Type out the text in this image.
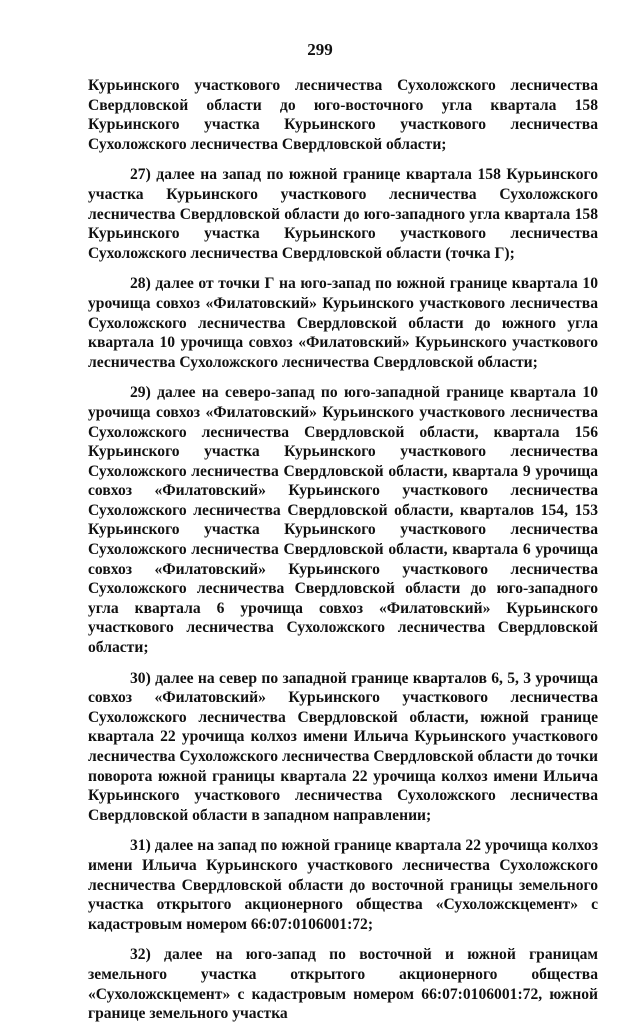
299

Курьинского участкового лесничества Сухоложского лесничества Свердловской области до юго-восточного угла квартала 158 Курьинского участка Курьинского участкового лесничества Сухоложского лесничества Свердловской области;

27) далее на запад по южной границе квартала 158 Курьинского участка Курьинского участкового лесничества Сухоложского лесничества Свердловской области до юго-западного угла квартала 158 Курьинского участка Курьинского участкового лесничества Сухоложского лесничества Свердловской области (точка Г);

28) далее от точки Г на юго-запад по южной границе квартала 10 урочища совхоз «Филатовский» Курьинского участкового лесничества Сухоложского лесничества Свердловской области до южного угла квартала 10 урочища совхоз «Филатовский» Курьинского участкового лесничества Сухоложского лесничества Свердловской области;

29) далее на северо-запад по юго-западной границе квартала 10 урочища совхоз «Филатовский» Курьинского участкового лесничества Сухоложского лесничества Свердловской области, квартала 156 Курьинского участка Курьинского участкового лесничества Сухоложского лесничества Свердловской области, квартала 9 урочища совхоз «Филатовский» Курьинского участкового лесничества Сухоложского лесничества Свердловской области, кварталов 154, 153 Курьинского участка Курьинского участкового лесничества Сухоложского лесничества Свердловской области, квартала 6 урочища совхоз «Филатовский» Курьинского участкового лесничества Сухоложского лесничества Свердловской области до юго-западного угла квартала 6 урочища совхоз «Филатовский» Курьинского участкового лесничества Сухоложского лесничества Свердловской области;

30) далее на север по западной границе кварталов 6, 5, 3 урочища совхоз «Филатовский» Курьинского участкового лесничества Сухоложского лесничества Свердловской области, южной границе квартала 22 урочища колхоз имени Ильича Курьинского участкового лесничества Сухоложского лесничества Свердловской области до точки поворота южной границы квартала 22 урочища колхоз имени Ильича Курьинского участкового лесничества Сухоложского лесничества Свердловской области в западном направлении;

31) далее на запад по южной границе квартала 22 урочища колхоз имени Ильича Курьинского участкового лесничества Сухоложского лесничества Свердловской области до восточной границы земельного участка открытого акционерного общества «Сухоложскцемент» с кадастровым номером 66:07:0106001:72;

32) далее на юго-запад по восточной и южной границам земельного участка открытого акционерного общества «Сухоложскцемент» с кадастровым номером 66:07:0106001:72, южной границе земельного участка
